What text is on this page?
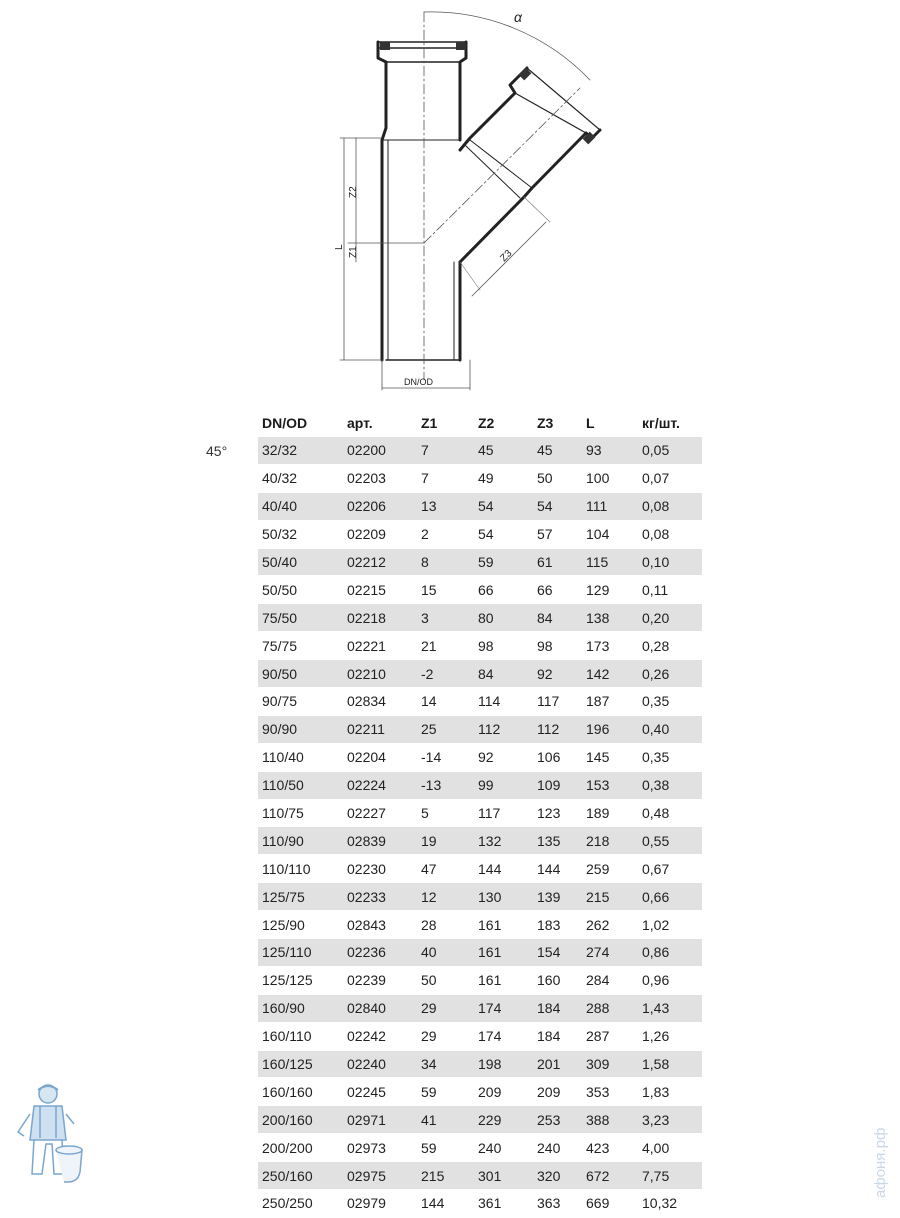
α
Z2
Z1
L
Z3
DN/OD
45°
DN/OD	арт.	Z1	Z2	Z3	L	кг/шт.
32/32	02200	7	45	45	93	0,05
40/32	02203	7	49	50	100	0,07
40/40	02206	13	54	54	111	0,08
50/32	02209	2	54	57	104	0,08
50/40	02212	8	59	61	115	0,10
50/50	02215	15	66	66	129	0,11
75/50	02218	3	80	84	138	0,20
75/75	02221	21	98	98	173	0,28
90/50	02210	-2	84	92	142	0,26
90/75	02834	14	114	117	187	0,35
90/90	02211	25	112	112	196	0,40
110/40	02204	-14	92	106	145	0,35
110/50	02224	-13	99	109	153	0,38
110/75	02227	5	117	123	189	0,48
110/90	02839	19	132	135	218	0,55
110/110	02230	47	144	144	259	0,67
125/75	02233	12	130	139	215	0,66
125/90	02843	28	161	183	262	1,02
125/110	02236	40	161	154	274	0,86
125/125	02239	50	161	160	284	0,96
160/90	02840	29	174	184	288	1,43
160/110	02242	29	174	184	287	1,26
160/125	02240	34	198	201	309	1,58
160/160	02245	59	209	209	353	1,83
200/160	02971	41	229	253	388	3,23
200/200	02973	59	240	240	423	4,00
250/160	02975	215	301	320	672	7,75
250/250	02979	144	361	363	669	10,32
афоня.рф
